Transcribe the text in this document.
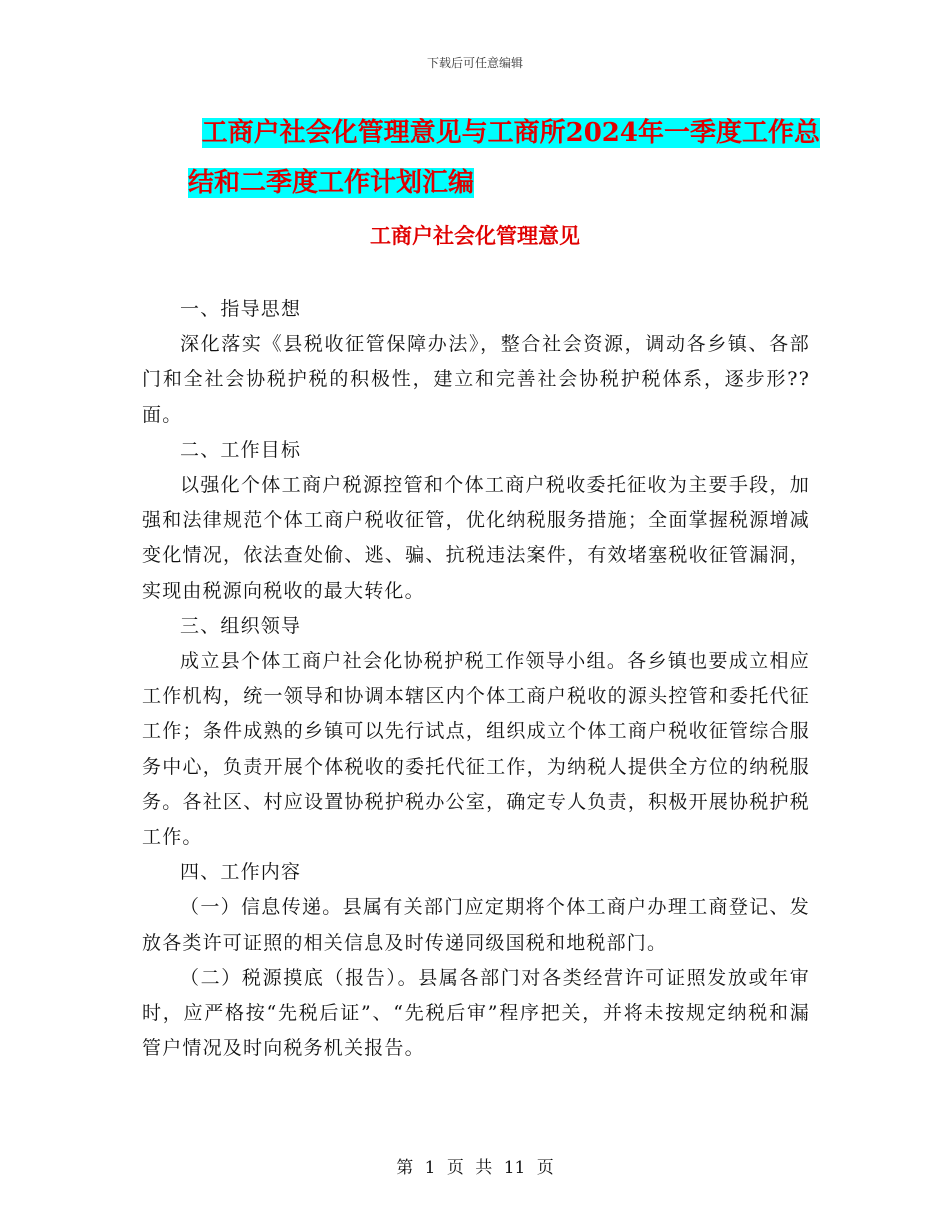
下载后可任意编辑
工商户社会化管理意见与工商所2024年一季度工作总
结和二季度工作计划汇编
工商户社会化管理意见

一、指导思想

深化落实《县税收征管保障办法》，整合社会资源，调动各乡镇、各部门和全社会协税护税的积极性，建立和完善社会协税护税体系，逐步形??面。

二、工作目标

以强化个体工商户税源控管和个体工商户税收委托征收为主要手段，加强和法律规范个体工商户税收征管，优化纳税服务措施；全面掌握税源增减变化情况，依法查处偷、逃、骗、抗税违法案件，有效堵塞税收征管漏洞，实现由税源向税收的最大转化。

三、组织领导

成立县个体工商户社会化协税护税工作领导小组。各乡镇也要成立相应工作机构，统一领导和协调本辖区内个体工商户税收的源头控管和委托代征工作；条件成熟的乡镇可以先行试点，组织成立个体工商户税收征管综合服务中心，负责开展个体税收的委托代征工作，为纳税人提供全方位的纳税服务。各社区、村应设置协税护税办公室，确定专人负责，积极开展协税护税工作。

四、工作内容

（一）信息传递。县属有关部门应定期将个体工商户办理工商登记、发放各类许可证照的相关信息及时传递同级国税和地税部门。

（二）税源摸底（报告）。县属各部门对各类经营许可证照发放或年审时，应严格按“先税后证”、“先税后审”程序把关，并将未按规定纳税和漏管户情况及时向税务机关报告。

第 1 页 共 11 页
